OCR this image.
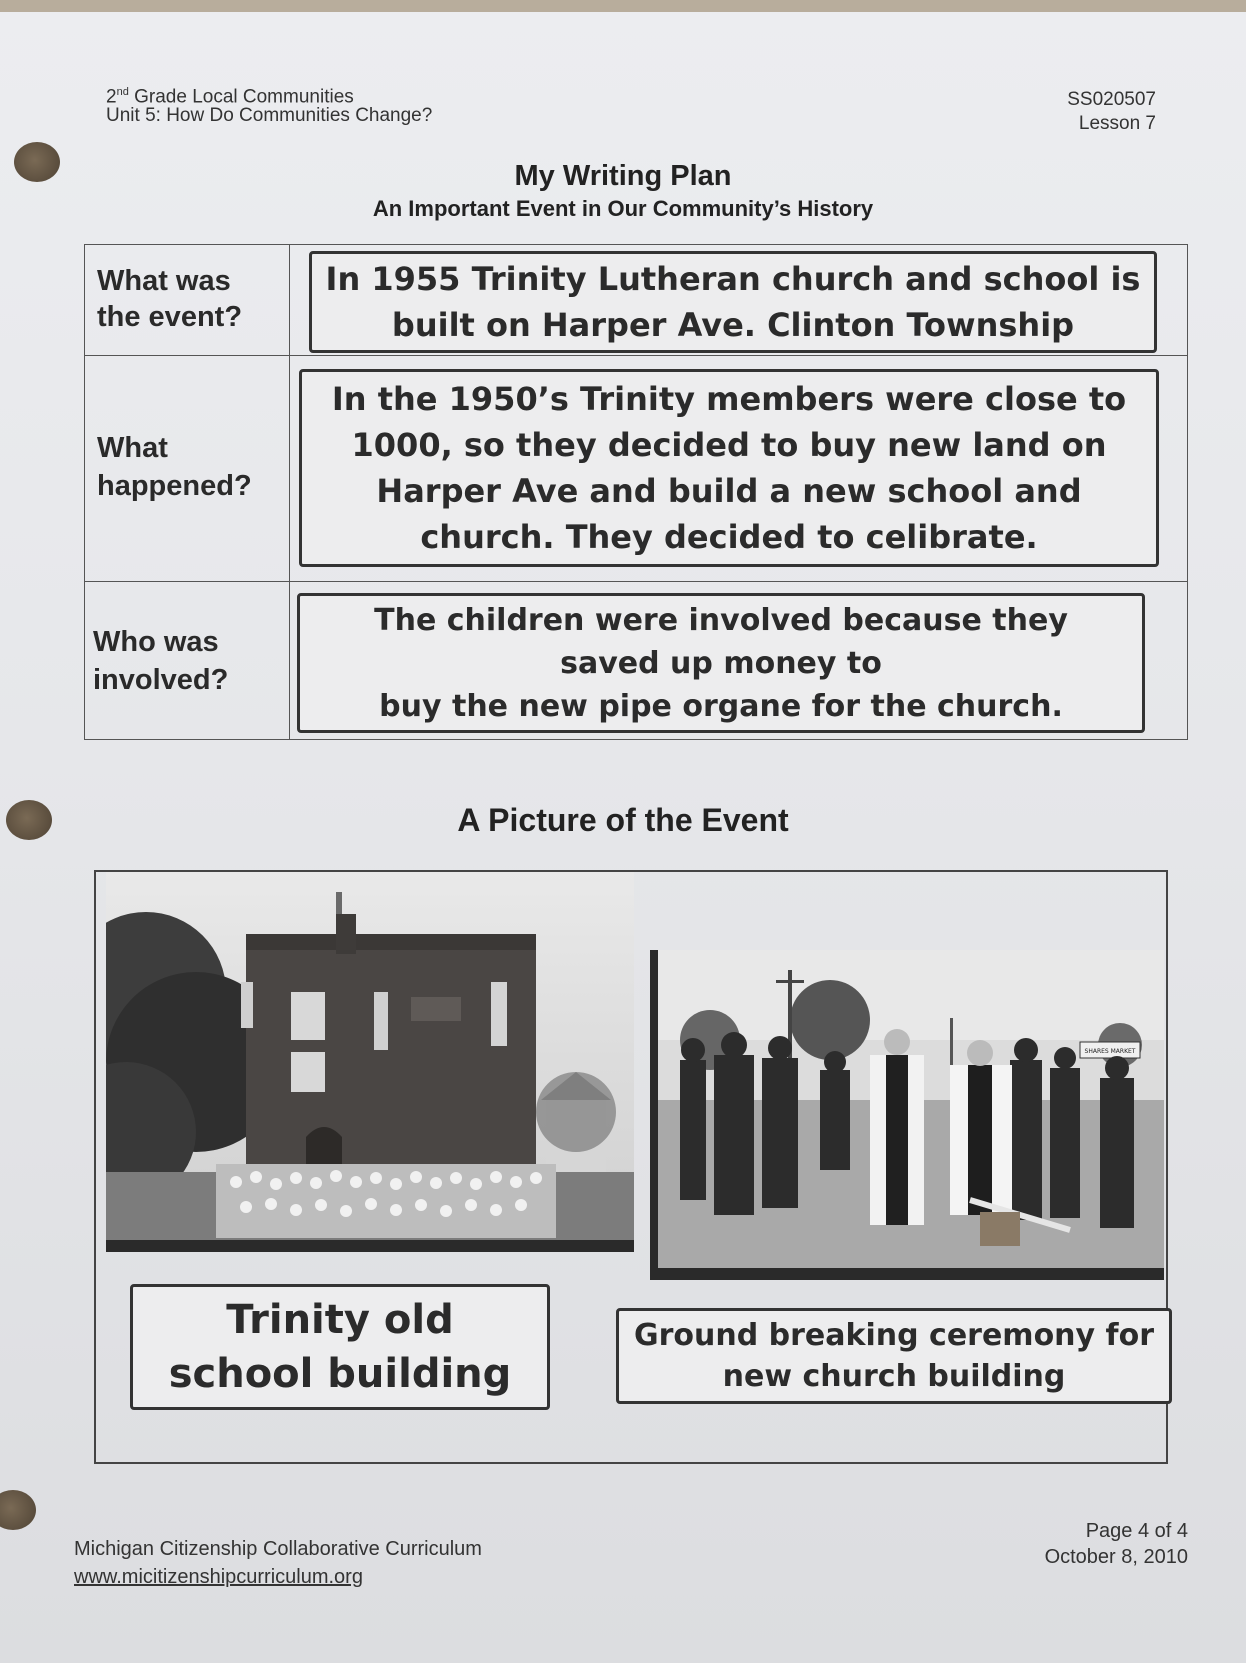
2nd Grade Local Communities
Unit 5: How Do Communities Change?
SS020507
Lesson 7
My Writing Plan
An Important Event in Our Community’s History
What was
the event?
In 1955 Trinity Lutheran church and school is
built on Harper Ave. Clinton Township
What
happened?
In the 1950’s Trinity members were close to
1000, so they decided to buy new land on
Harper Ave and build a new school and
church. They decided to celibrate.
Who was
involved?
The children were involved because they
saved up money to
buy the new pipe organe for the church.
A Picture of the Event
SHARES MARKET
Trinity old
school building
Ground breaking ceremony for
new church building
Michigan Citizenship Collaborative Curriculum
www.micitizenshipcurriculum.org
Page 4 of 4
October 8, 2010
